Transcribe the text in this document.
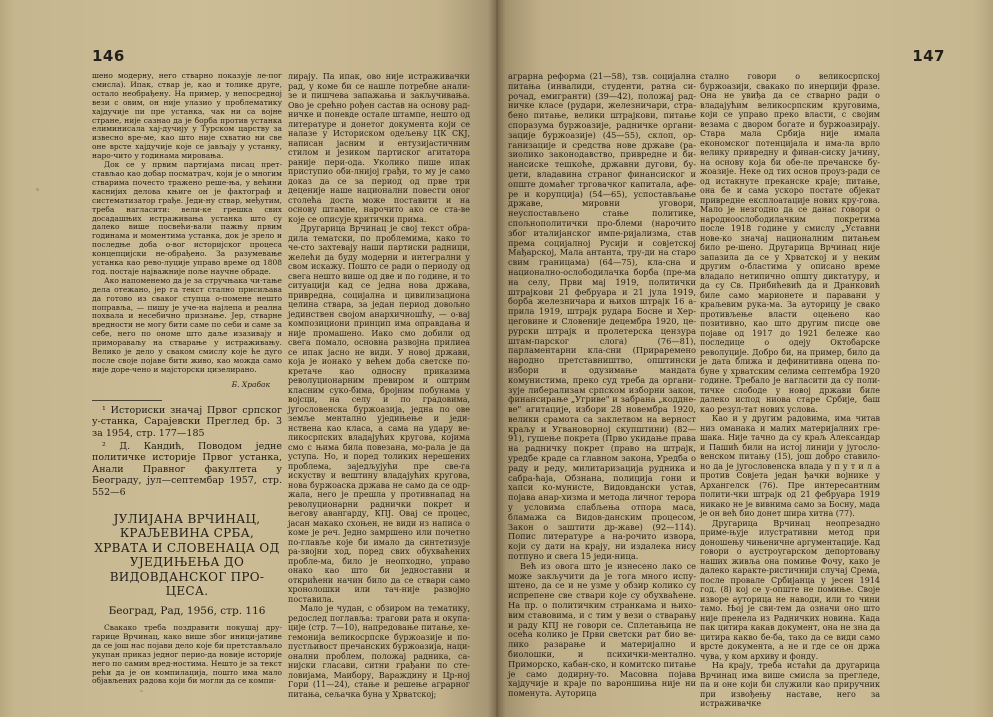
146

шено модерну, него стварно показује ле-пог смисла). Ипак, ствар је, као и толике друге, остало необрађену. На пример, у непосредној вези с овим, он није улазио у проблематику хајдучије пи пре устанка, чак ни са војне стране, није сазнао да је борба против устанка елиминисала хај-дучију у Турском царству за извесно вре-ме, као што није схватио ни све оне врсте хајдучије које се јављају у устанку, наро-чито у годинама мировања.

Док се у првим партијама писац прет-стављао као добар посматрач, који је о многим стварима почесто тражено реше-ња, у већини каснијих делова књиге он је фактограф и систематизатор грађе. Једи-ну ствар, међутим, треба нагласити: вели-ке грешка свих досадашњих истраживања устанка што су далеко више посвећи-вали пажњу првим годинама и моментима устанка, док је зрело и последње доба о-вог историјског процеса концепцијски не-обрађено. За разумевање устанка као рево-луције управо време од 1808 год. постаје најважније поље научне обраде.

Ако напоменемо да је за стручњака чи-тање дела отежано, јер га текст стално присиљава да готово из сваког ступца о-помене нешто поправља, — пишу је уче-на најлепа и реална похвала и несебично признање. Јер, стварне вредности не могу бити саме по себи и саме за себе, него по ономе што даље изазивају и примораваљу на стварање у истраживању. Велико је дело у сваком смислу које ће дуго после своје појаве бити живо, као можда само није доре-чено и мајсторски цизелирано.

Б. Храбак
¹ Историски значај Првог српског у-станка, Сарајевски Преглед бр. 3 за 1954, стр. 177—185
² Д. Кандић, Поводом једне политичке историје Првог устанка, Анали Правног факултета у Београду, јул—септембар 1957, стр. 552—6
ЈУЛИЈАНА ВРЧИНАЦ, КРАЉЕВИНА СРБА, ХРВАТА И СЛОВЕНАЦА ОД УЈЕДИЊЕЊА ДО ВИДОВДАНСКОГ ПРО-ЦЕСА.
Београд, Рад, 1956, стр. 116

Свакако треба поздравити покушај дру-гарице Врчинац, како више због иници-јативе да се још нас појави дело које би претстављало укупан приказ једног перио-да новије историје него по самим вред-ностима. Нешто је за текст рећи да је он компилација, пошто има мало објављених радова који би могли да се компи-

лирају. Па ипак, ово није истраживачки рад, у коме би се нашле потребне анали-зе и пишчева запажања и закључивања. Ово је срећно рођен састав на основу рад-ничке и поневде осталe штампе, нешто од литературе и донетог документа који се налазе у Историском одељењу ЦК СКЈ, написан јасним и ентузијастичним стилом и језиком партиског агитатора раније пери-ода. Уколико пише ипак приступио оби-лнијој грађи, то му је само доказ да се за период од прве три деценије наше национални повести оног столећа доста може поставити и на основу штампе, нарочито ако се ста-ве које се описује критички прима.

Другарица Врчинац је свој текст обра-дила тематски, по проблемима, како то че-сто захтевају наши партиски радници, желећи да буду модерни и интегрални у свом искажу. Пошто се ради о периоду од свега нешто више од две и по године, и то ситуацији кад се једна нова држава, привредна, социјална и цивилизациона целина ствара, за један период довољно јединствен својом анархичношћу, — о-ваj композициони принцип има оправдања и није промашено. Иако смо добили од свега помало, основна развојна прилиеа се ипак јасно не види. У новој држави, која је ионако у већем доба светске по-кретаче као односну приказима револуционарним превиром и оштрим класним суко-бима, бројним побунама у војсци, на селу и по градовима, југословенска буржоазија, једна по ове земље ментално уједињење и једи-нствена као класа, а сама на удару ве-ликосрпских владајућих кругова, кoјима смо с њима била повезана, мо-рала је да уступа. Но, и поред толиких нерешених проблема, заједљујући пре све-га искуству и вештину владајућих кругова, нова буржоаска држава не само да се одр-жала, него је прешла у противнапад на револуционарни раднички покрет и његову авангарду, КПЈ. Овај се процес, јасан макако схоњен, не види из написа о коме је реч. Једно замршено или почетно по-главље које би имало да синтетизује ра-звојни ход, поред свих обухваћених пробле-ма, било је неопходно, управо онако као што би једноставни и открићени начин било да се ствари само хронолошки или тач-није развојно поставила.

Мало је чудан, с обзиром на тематику, редослед поглавља: трагови рата и окупа-ције (стр. 7—10), напредовање питање, хе-гемонија великосрпске буржоазије и по-пустљивост пречанских буржоазија, наци-онални проблем, положај радника, са-нијски гласави, ситни грађани по сте-ловијама, Маибору, Вараждину и Цр-ној Гори (11—24), стање и решење аграрног питања, сељачка буна у Хрватској;

147

аграрна реформа (21—58), тзв. социјална питања (инвалиди, студенти, ратна си-рочад, емигранти) (39—42), положај рад-ничке класе (рудари, железничари, стра-бено питање, велики штрајкови, питање споразума буржоазије, радничке органи-зације буржоазије) (45—55), склоп, ор-ганизације и средства нове државе (ра-зиолико законодавство, привредне и би-нансиске тешкоће, државни дугови, бу-џети, владавина страног финансиског и опште домаћег трговачког капитала, афе-ре и корупција) (54—65), успостављање државе, мировни уговори, неуспостављено стање политике, спољнополитички про-блеми (нарочито због италијанског импе-ријализма, став према социјалној Русији и совјетској Мађарској, Мала антанта, тру-ди на старо свим границама) (64—75), кла-сна и национално-ослободилачка борба (пре-ма на селу, Први мај 1919, политички штрајкови 21 фебруара и 21 јула 1919, борба железничара и њихов штрајк 16 а-прила 1919, штрајк рудара Босне и Хер-цеговине и Словеније децембра 1920, це-рурски штрајк и пролетерска цензура штам-парског слога) (76—81), парламентарни кла-сни (Прираремено народно претставништво, општински избори и одузимање мандата комунистима, преко суд треба да органи-зује либерализам српском изборни закон, финансирање „Угриве" и забрана „коддне-ве" агитације, избори 28 новембра 1920, велики срамота са заклетвом на верност краљу и Угвановорној скупштини) (82—91), гушење покрета (Прво укидање права на радничку покрет (право на штрајк, уредбе краде са главном закона, Уредба о раду и реду, милитаризација рудника и сабра-ћаја, Обзнана, полиција гони и хапси ко-мунисте, Видовдански устав, појава анар-хизма и метода личног терора у условима слабљења отпора маса, бламажа са Видов-данским процесом, Закон о заштити др-жаве) (92—114). Попис литературе а на-рочито извора, који су дати на крају, ни издалека нису потпуно и свега 15 једи-ница.

Већ из овога што је изнесено лако се може закључити да је тога много испу-штено, да се и не узме у обзир колико су испрепене све ствари које су обухваћене. На пр. о политичким странкама и њихо-вим ставовима, и с тим у вези о стварању и раду КПЈ не говори се. Сплетањица не осећа колико је Први светски рат био ве-лико разарање и материјално и биолошки, и психички-ментално. Приморско, кабан-ско, и комитско питање је само додирну-то. Масовна појава хајдучије и краје по вароншиња није ни поменута. Ауторица

стално говори о великосрпској буржоазији, свакако по инерцији фразе. Она не увиђа да се стварно ради о владајућим великосрпским круговима, који се управо преко власти, с својим везама с двором богате и буржоазирају. Стара мала Србија није имала економског потенцијала и има-ла врло велику привредну и финан-сиску јачину, на основу која би обе-ле пречанске бу-жоазије. Неке од тих основ проуз-ради се од истакнуте преканске краје; питање, она бе и сама ускоро постате објекат привредне експлоатације нових кру-гова. Мало је незгодно да се данас говори о народноослободилачким покретима после 1918 године у смислу „Уставни нове-ко значај националним питањем било ре-шено. Другарица Врчинац није запазила да се у Хрватској и у неким другим о-бластима у описано време владало нетипично општу диктатуру, и да су Св. Прибићевић да и Дранковић биле само марионете и паравани у краљевим рука-ма. За ауторицу је свако противљење власти оцењено као позитивно, као што другим писце ове појаве од 1917 до 1921 бележе као последице о одеју Октобарске револуције. Добро би, на пример, било да је дата ближа и дефинитивна оцена по-буне у хрватским селима септембра 1920 године. Требало је нагласити да су поли-тичке слободе у новој држави биле далеко испод ниова старе Србије, бaш као резул-тат нових услова.

Као и у другим радовима, има читав низ оманака и малих материјалних гре-шака. Није тачно да су краљ Александар и Пашић били на истој линији у југосло-венском питању (15), још добро ставило-но да је југословенска влада у п у т и л а против Совјета један ђачки војнике у Архангелск (76). Пре интересантним полити-чки штрајк од 21 фебруара 1919 никако не је вивнима само за Босну, мада је он већ био донет шира хитна (77).

Другарица Врчинац неопрeзадно приме-њује илустративни метод при доношењу чињеничне аргументације. Кад говори о аустроугарском депортовању наших живља она помиње Фочу, како је далеко каракте-ристичнији случај Срема, после провале Србијанца у јесен 1914 год. (8) кој се у-опште не помиње. Своје изворе ауторица не наводи, или то чини тамо. Њој је сви-тем да означи оно што није пренела из Радничких новина. Када пак цитира какав документ, она не зна да цитира какво бе-ба, тако да се види само врсте документа, а не и где се он држа чува, у ком архиву и фонду.

На крају, треба истаћи да другарица Врчинац има више смисла за прегледе, па и оне који би служили као приручник при извођењу наставе, него за истраживачке
